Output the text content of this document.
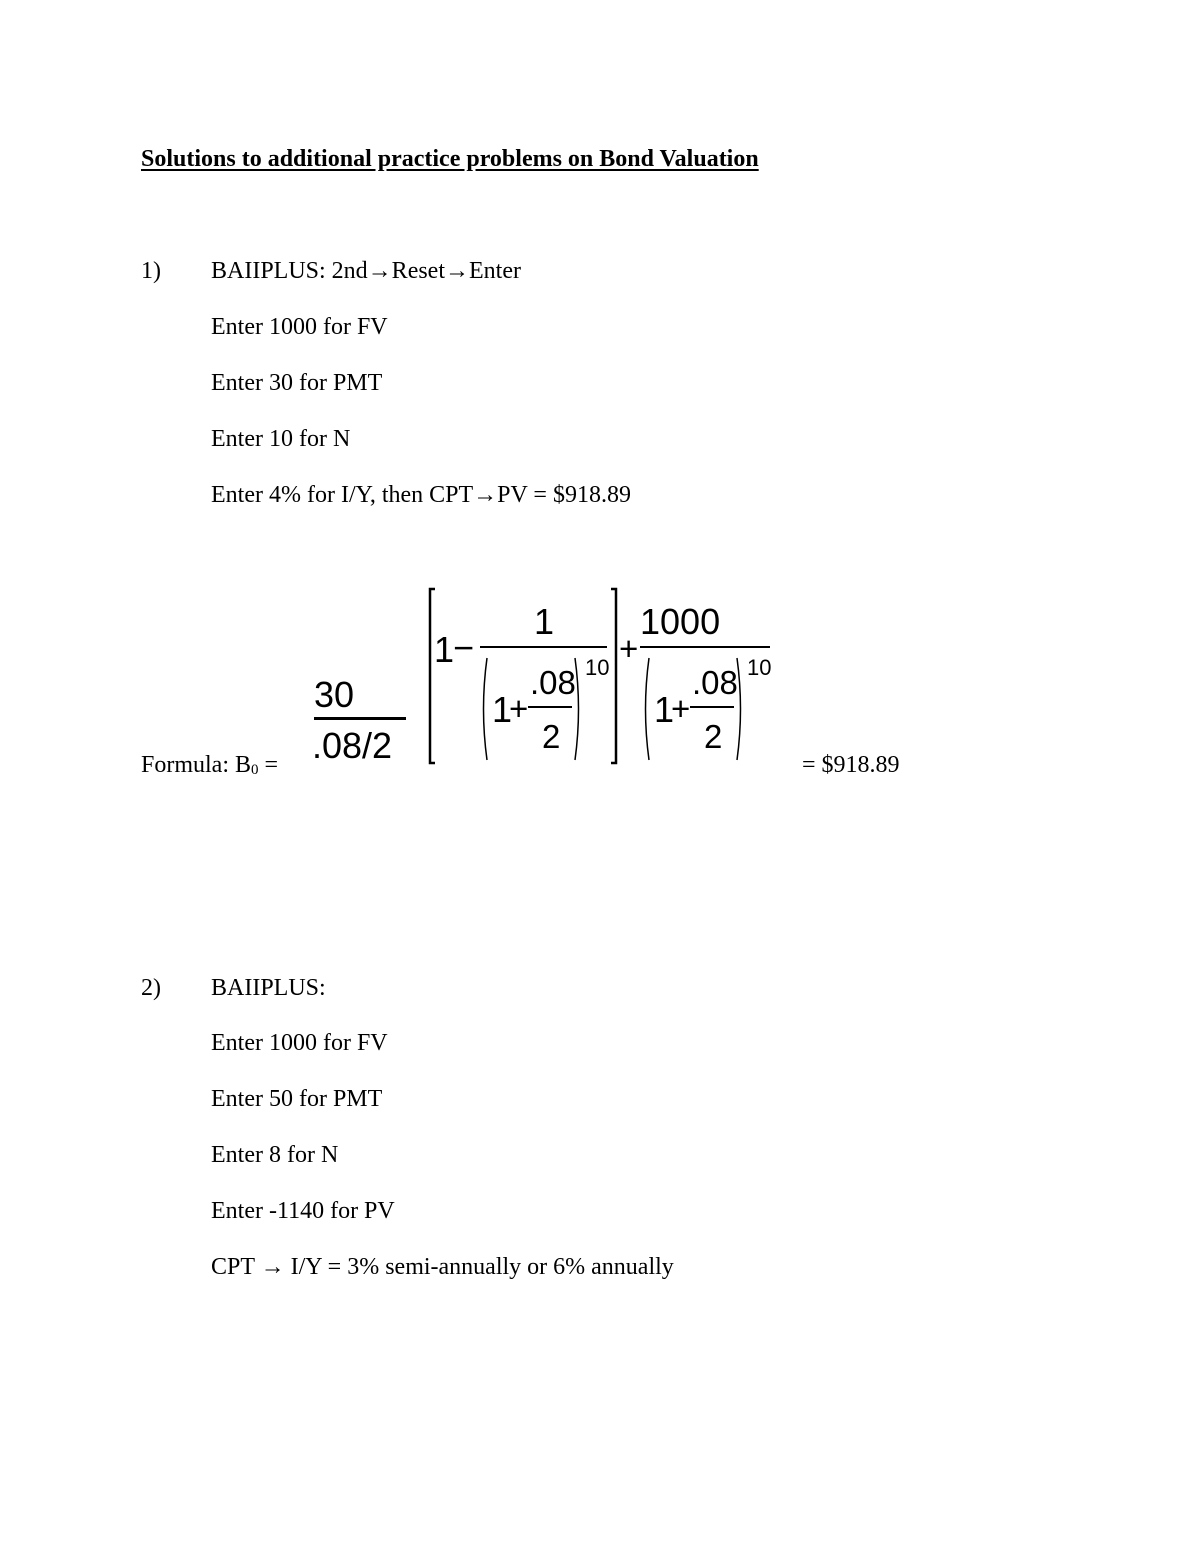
Solutions to additional practice problems on Bond Valuation
1) BAIIPLUS: 2nd→Reset→Enter
Enter 1000 for FV
Enter 30 for PMT
Enter 10 for N
Enter 4% for I/Y, then CPT→PV = $918.89
Formula: B0 =
30
.08/2
1
−
1
1
+
.08
2
10
+
1000
1
+
.08
2
10
= $918.89
2) BAIIPLUS:
Enter 1000 for FV
Enter 50 for PMT
Enter 8 for N
Enter -1140 for PV
CPT → I/Y = 3% semi-annually or 6% annually
